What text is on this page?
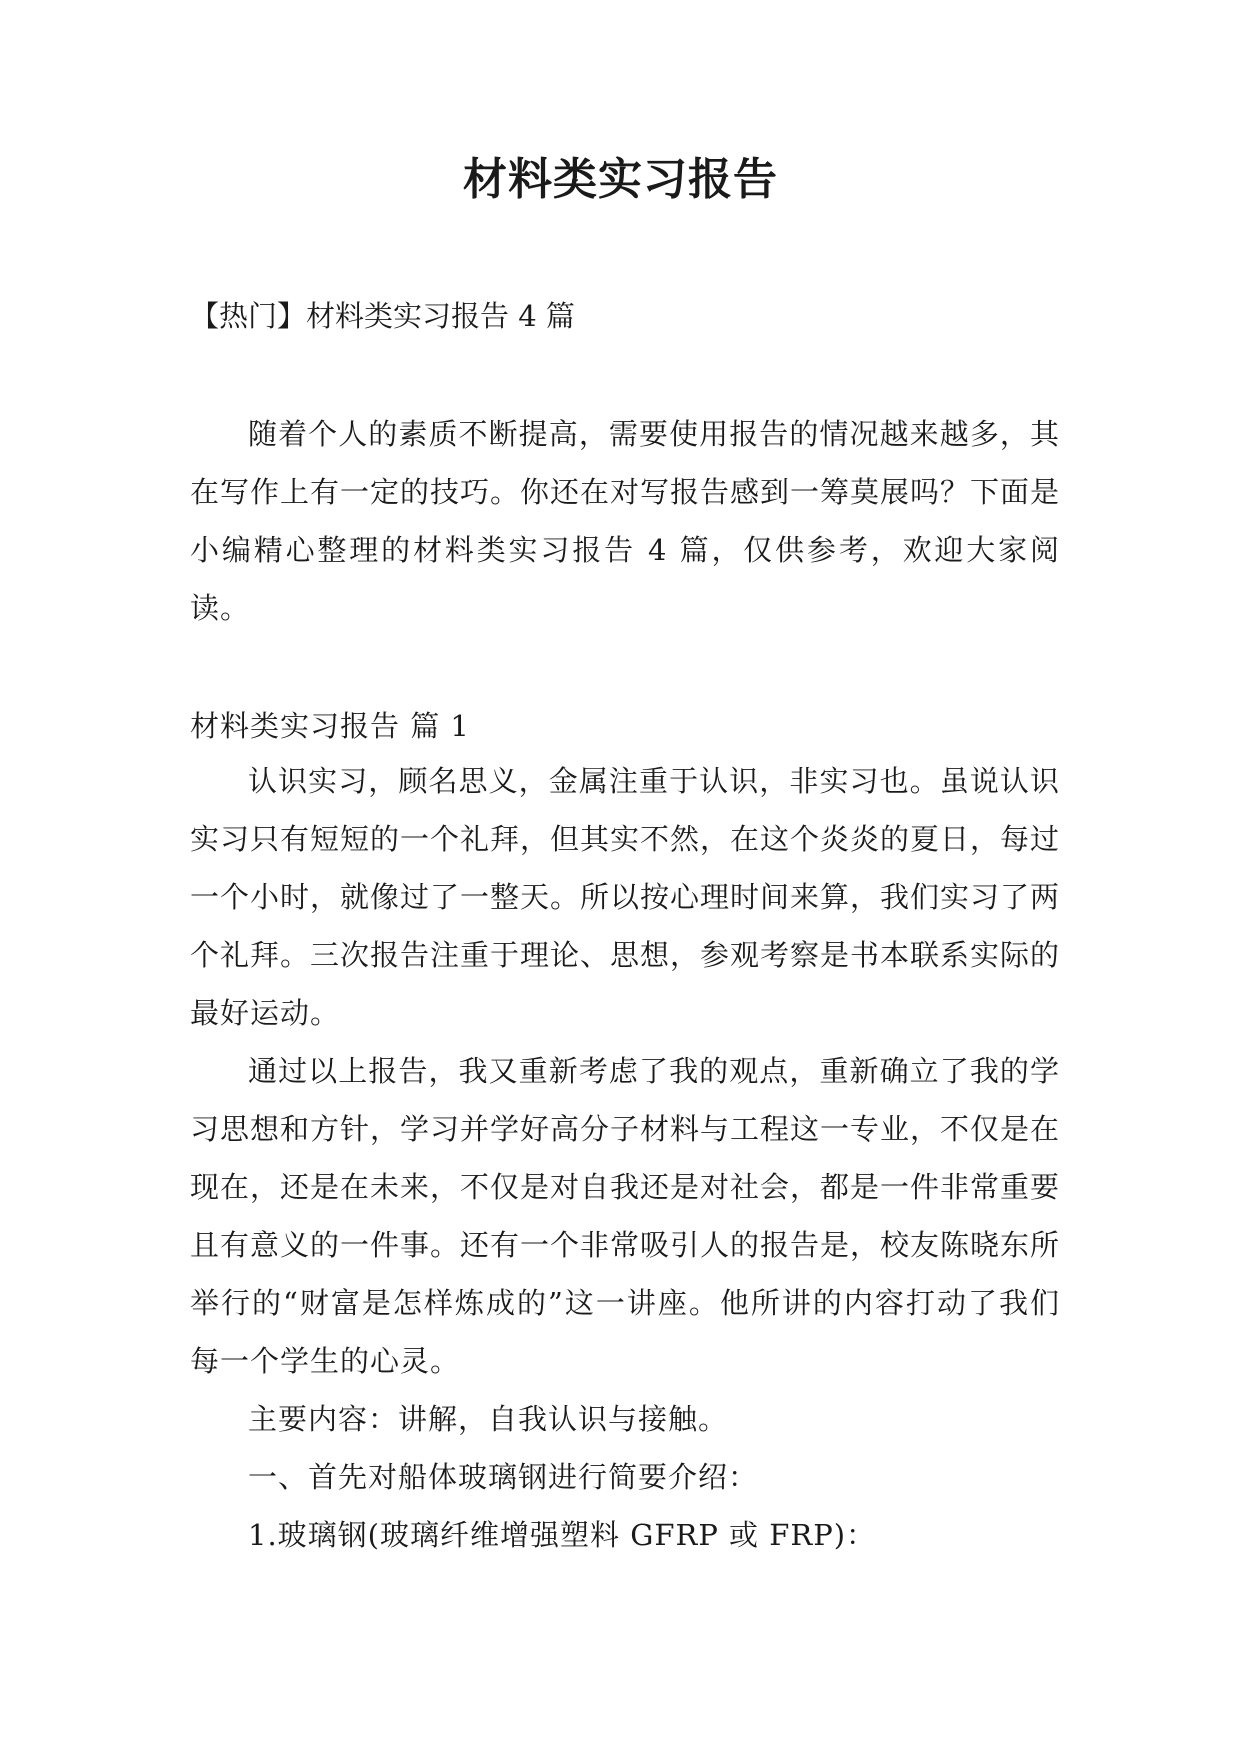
材料类实习报告
【热门】材料类实习报告 4 篇

随着个人的素质不断提高，需要使用报告的情况越来越多，其在写作上有一定的技巧。你还在对写报告感到一筹莫展吗？下面是小编精心整理的材料类实习报告 4 篇，仅供参考，欢迎大家阅读。

材料类实习报告 篇 1

认识实习，顾名思义，金属注重于认识，非实习也。虽说认识实习只有短短的一个礼拜，但其实不然，在这个炎炎的夏日，每过一个小时，就像过了一整天。所以按心理时间来算，我们实习了两个礼拜。三次报告注重于理论、思想，参观考察是书本联系实际的最好运动。

通过以上报告，我又重新考虑了我的观点，重新确立了我的学习思想和方针，学习并学好高分子材料与工程这一专业，不仅是在现在，还是在未来，不仅是对自我还是对社会，都是一件非常重要且有意义的一件事。还有一个非常吸引人的报告是，校友陈晓东所举行的“财富是怎样炼成的”这一讲座。他所讲的内容打动了我们每一个学生的心灵。

主要内容：讲解，自我认识与接触。

一、首先对船体玻璃钢进行简要介绍：

1.玻璃钢(玻璃纤维增强塑料 GFRP 或 FRP)：
